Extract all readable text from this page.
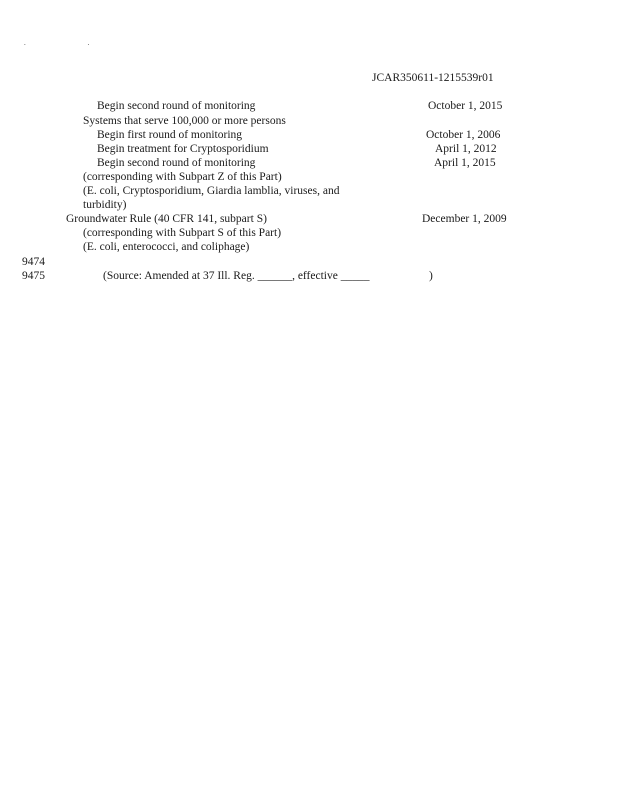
. .
JCAR350611-1215539r01
Begin second round of monitoring	October 1, 2015
Systems that serve 100,000 or more persons
Begin first round of monitoring	October 1, 2006
Begin treatment for Cryptosporidium	April 1, 2012
Begin second round of monitoring	April 1, 2015
(corresponding with Subpart Z of this Part)
(E. coli, Cryptosporidium, Giardia lamblia, viruses, and
turbidity)
Groundwater Rule (40 CFR 141, subpart S)	December 1, 2009
(corresponding with Subpart S of this Part)
(E. coli, enterococci, and coliphage)
9474
9475	(Source: Amended at 37 Ill. Reg. ______, effective _____	)
